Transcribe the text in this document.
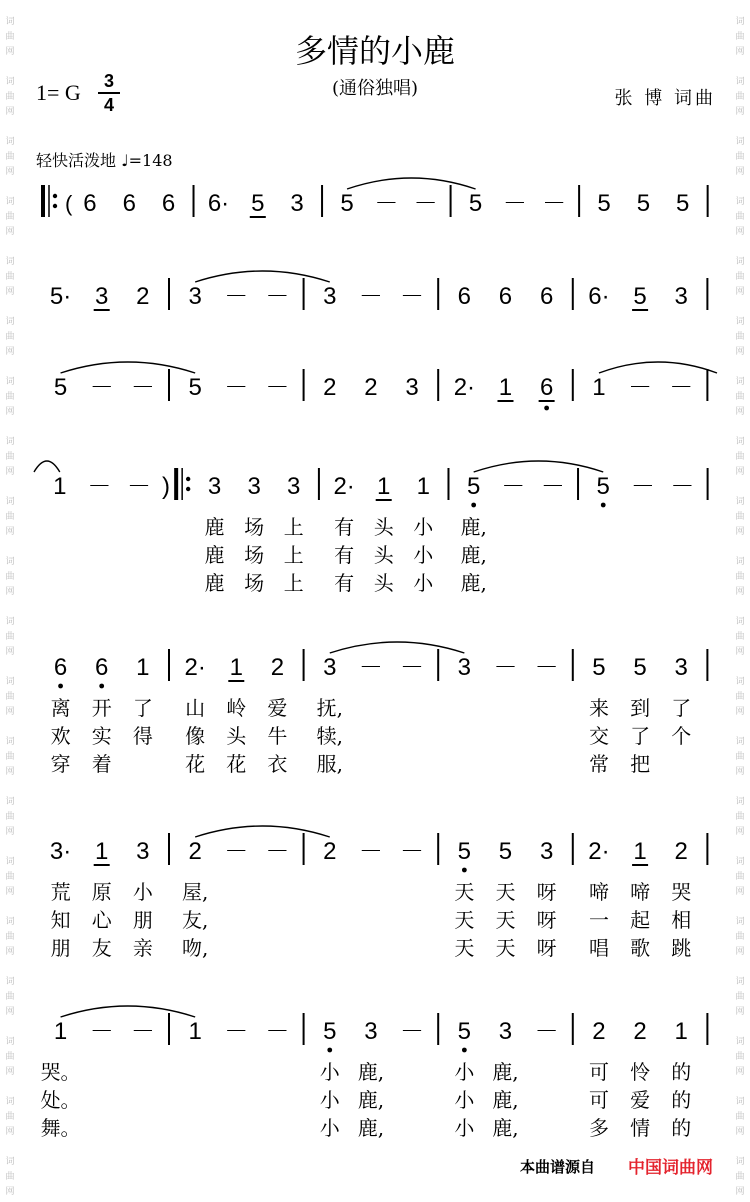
词
曲
网
词
曲
网
词
曲
网
词
曲
网
词
曲
网
词
曲
网
词
曲
网
词
曲
网
词
曲
网
词
曲
网
词
曲
网
词
曲
网
词
曲
网
词
曲
网
词
曲
网
词
曲
网
词
曲
网
词
曲
网
词
曲
网
词
曲
网
词
曲
网
词
曲
网
词
曲
网
词
曲
网
词
曲
网
词
曲
网
词
曲
网
词
曲
网
词
曲
网
词
曲
网
词
曲
网
词
曲
网
词
曲
网
词
曲
网
词
曲
网
词
曲
网
词
曲
网
词
曲
网
词
曲
网
词
曲
网
多情的小鹿
(通俗独唱)
1= G	3
4	张 博 词曲
轻快活泼地 ♩=148
( 6 6 6 6· 5 3 5 － － 5 － － 5 5 5
5· 3 2 3 － － 3 － － 6 6 6 6· 5 3
5 － － 5 － － 2 2 3 2· 1 6 1 － －
1 － － ) 3 3 3 2· 1 1 5 － － 5 － －
鹿 场 上 有 头 小 鹿,
鹿 场 上 有 头 小 鹿,
鹿 场 上 有 头 小 鹿,
6 6 1 2· 1 2 3 － － 3 － － 5 5 3
离 开 了 山 岭 爱 抚,	来 到 了
欢 实 得 像 头 牛 犊,	交 了 个
穿 着	花 花 衣 服,	常 把
3· 1 3 2 － － 2 － － 5 5 3 2· 1 2
荒 原 小 屋,	天 天 呀 啼 啼 哭
知 心 朋 友,	天 天 呀 一 起 相
朋 友 亲 吻,	天 天 呀 唱 歌 跳
1 － － 1 － － 5 3 － 5 3 － 2 2 1
哭。	小 鹿,	小 鹿,	可 怜 的
处。	小 鹿,	小 鹿,	可 爱 的
舞。	小 鹿,	小 鹿,	多 情 的
本曲谱源自 中国词曲网
